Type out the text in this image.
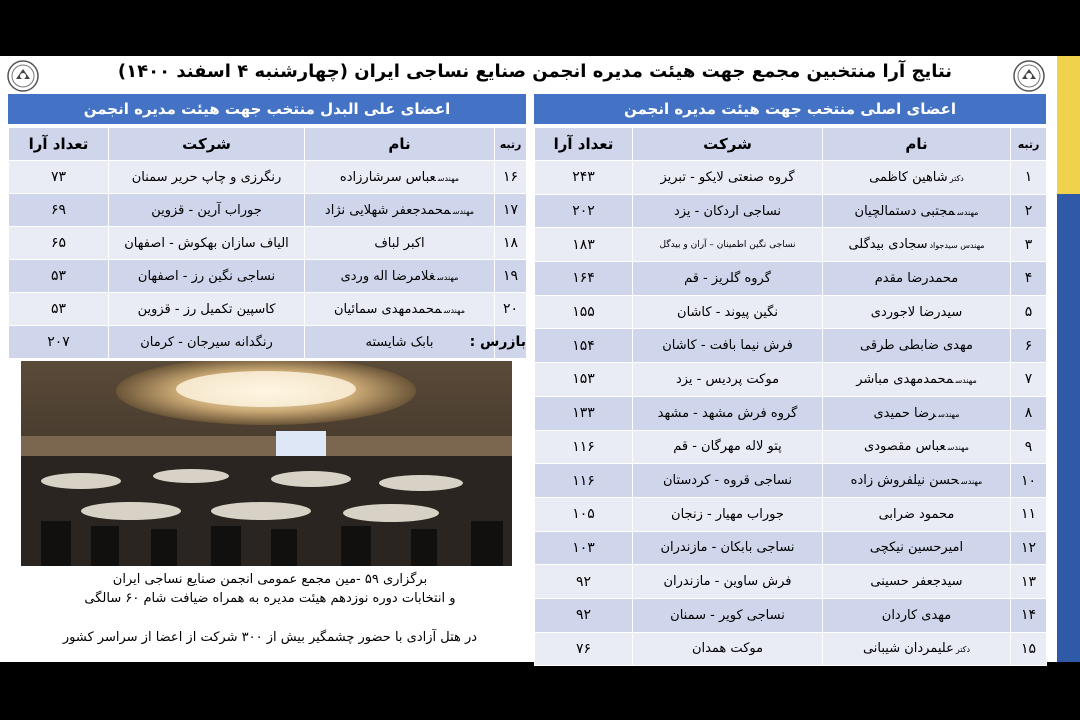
نتایج آرا منتخبین مجمع جهت هیئت مدیره انجمن صنایع نساجی ایران (چهارشنبه ۴ اسفند ۱۴۰۰)
اعضای اصلی منتخب جهت هیئت مدیره انجمن
رتبه	نام	شرکت	تعداد آرا
۱	دکترشاهین کاظمی	گروه صنعتی لایکو - تبریز	۲۴۳
۲	مهندسمجتبی دستمالچیان	نساجی اردکان - یزد	۲۰۲
۳	مهندس سیدجوادسجادی بیدگلی	نساجی نگین اطمینان – آران و بیدگل	۱۸۳
۴	محمدرضا مقدم	گروه گلریز - قم	۱۶۴
۵	سیدرضا لاجوردی	نگین پیوند - کاشان	۱۵۵
۶	مهدی ضابطی طرقی	فرش نیما بافت - کاشان	۱۵۴
۷	مهندسمحمدمهدی مباشر	موکت پردیس - یزد	۱۵۳
۸	مهندسرضا حمیدی	گروه فرش مشهد - مشهد	۱۳۳
۹	مهندسعباس مقصودی	پتو لاله مهرگان - قم	۱۱۶
۱۰	مهندسحسن نیلفروش زاده	نساجی قروه - کردستان	۱۱۶
۱۱	محمود ضرابی	جوراب مهیار - زنجان	۱۰۵
۱۲	امیرحسین نیکچی	نساجی بابکان - مازندران	۱۰۳
۱۳	سیدجعفر حسینی	فرش ساوین - مازندران	۹۲
۱۴	مهدی کاردان	نساجی کویر - سمنان	۹۲
۱۵	دکترعلیمردان شیبانی	موکت همدان	۷۶
اعضای علی البدل منتخب جهت هیئت مدیره انجمن
رتبه	نام	شرکت	تعداد آرا
۱۶	مهندسعباس سرشارزاده	رنگرزی و چاپ حریر سمنان	۷۳
۱۷	مهندسمحمدجعفر شهلایی نژاد	جوراب آرین - قزوین	۶۹
۱۸	اکبر لباف	الیاف سازان بهکوش - اصفهان	۶۵
۱۹	مهندسغلامرضا اله وردی	نساجی نگین رز - اصفهان	۵۳
۲۰	مهندسمحمدمهدی سمائیان	کاسپین تکمیل رز - قزوین	۵۳
بازرس :	بابک شایسته	رنگدانه سیرجان - کرمان	۲۰۷
برگزاری ۵۹ -مین مجمع عمومی انجمن صنایع نساجی ایران
و انتخابات دوره نوزدهم هیئت مدیره به همراه ضیافت شام ۶۰ سالگی
در هتل آزادی با حضور چشمگیر بیش از ۳۰۰ شرکت از اعضا از سراسر کشور
